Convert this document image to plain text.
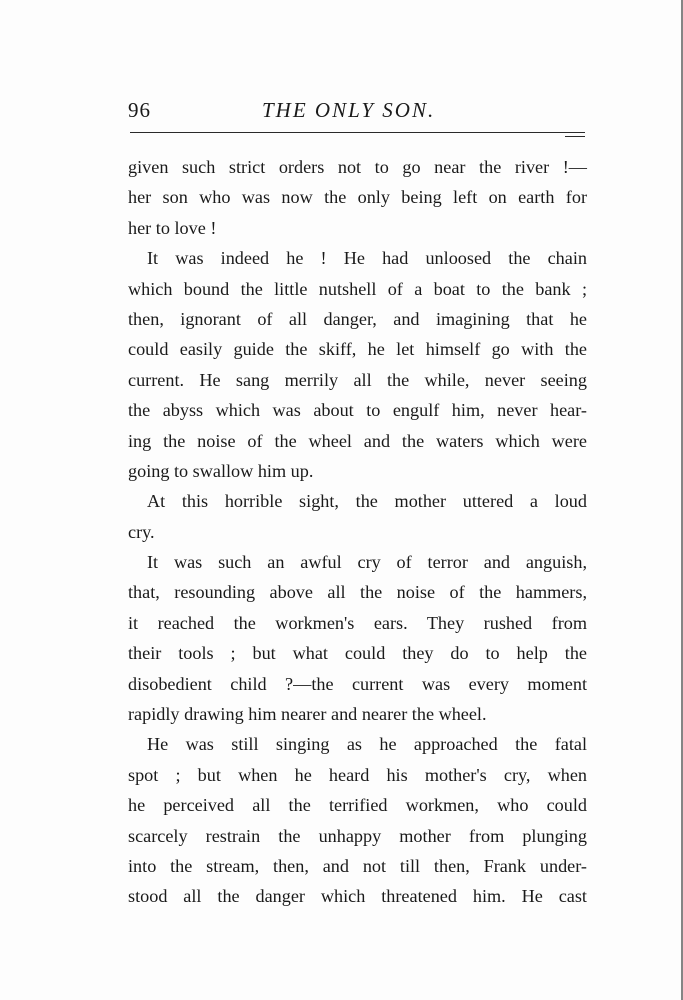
96	THE ONLY SON.
given such strict orders not to go near the river !—
her son who was now the only being left on earth for
her to love !
It was indeed he ! He had unloosed the chain
which bound the little nutshell of a boat to the bank ;
then, ignorant of all danger, and imagining that he
could easily guide the skiff, he let himself go with the
current. He sang merrily all the while, never seeing
the abyss which was about to engulf him, never hear-
ing the noise of the wheel and the waters which were
going to swallow him up.
At this horrible sight, the mother uttered a loud
cry.
It was such an awful cry of terror and anguish,
that, resounding above all the noise of the hammers,
it reached the workmen's ears. They rushed from
their tools ; but what could they do to help the
disobedient child ?—the current was every moment
rapidly drawing him nearer and nearer the wheel.
He was still singing as he approached the fatal
spot ; but when he heard his mother's cry, when
he perceived all the terrified workmen, who could
scarcely restrain the unhappy mother from plunging
into the stream, then, and not till then, Frank under-
stood all the danger which threatened him. He cast
